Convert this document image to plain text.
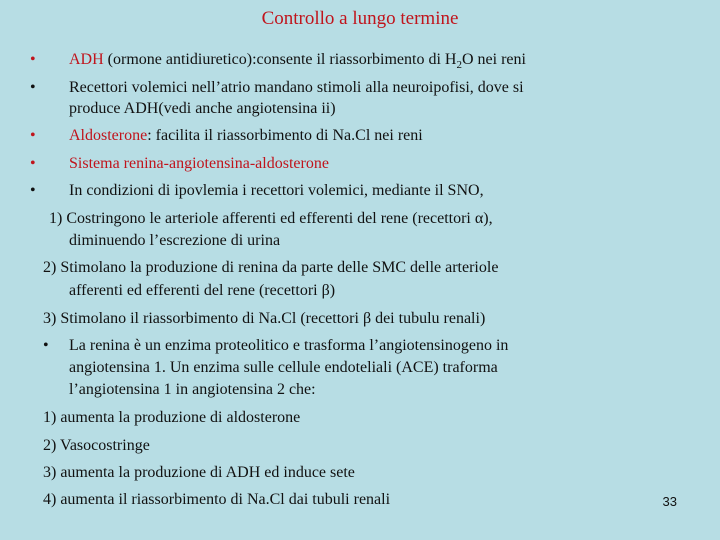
Controllo a lungo termine
• ADH (ormone antidiuretico):consente il riassorbimento di $H_2O$ nei reni
• Recettori volemici nell’atrio mandano stimoli alla neuroipofisi, dove si
produce ADH(vedi anche angiotensina ii)
• Aldosterone: facilita il riassorbimento di Na.Cl nei reni
• Sistema renina-angiotensina-aldosterone
• In condizioni di ipovlemia i recettori volemici, mediante il SNO,
1) Costringono le arteriole afferenti ed efferenti del rene (recettori α),
diminuendo l’escrezione di urina
2) Stimolano la produzione di renina da parte delle SMC delle arteriole
afferenti ed efferenti del rene (recettori β)
3) Stimolano il riassorbimento di Na.Cl (recettori β dei tubulu renali)
• La renina è un enzima proteolitico e trasforma l’angiotensinogeno in
angiotensina 1. Un enzima sulle cellule endoteliali (ACE) traforma
l’angiotensina 1 in angiotensina 2 che:
1) aumenta la produzione di aldosterone
2) Vasocostringe
3) aumenta la produzione di ADH ed induce sete
4) aumenta il riassorbimento di Na.Cl dai tubuli renali	33
